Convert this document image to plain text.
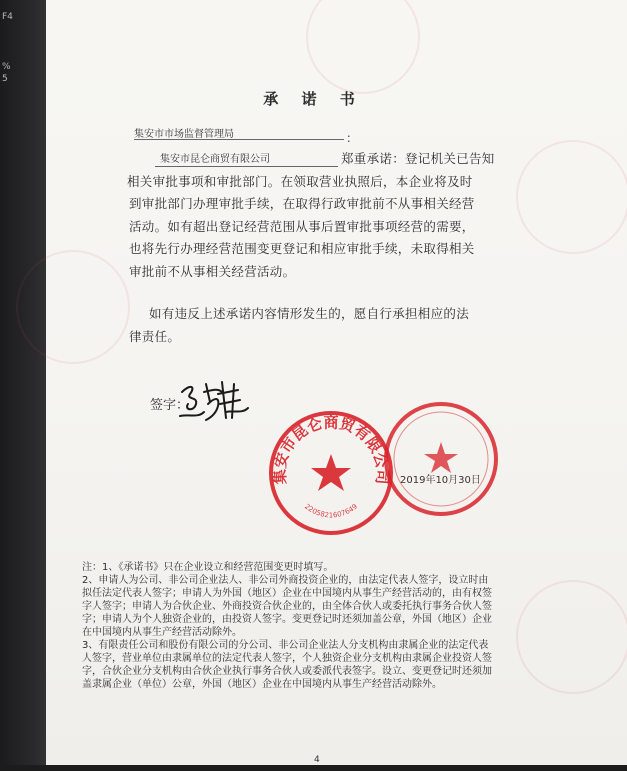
F4
%
5
承 诺 书
集安市市场监督管理局	：
集安市昆仑商贸有限公司	郑重承诺：登记机关已告知
相关审批事项和审批部门。在领取营业执照后，本企业将及时
到审批部门办理审批手续，在取得行政审批前不从事相关经营
活动。如有超出登记经营范围从事后置审批事项经营的需要，
也将先行办理经营范围变更登记和相应审批手续，未取得相关
审批前不从事相关经营活动。
如有违反上述承诺内容情形发生的，愿自行承担相应的法
律责任。
签字：
集安市昆仑商贸有限公司
2205821607649
2019年10月30日

注：1、《承诺书》只在企业设立和经营范围变更时填写。

2、申请人为公司、非公司企业法人、非公司外商投资企业的，由法定代表人签字，设立时由

拟任法定代表人签字；申请人为外国（地区）企业在中国境内从事生产经营活动的，由有权签

字人签字；申请人为合伙企业、外商投资合伙企业的，由全体合伙人或委托执行事务合伙人签

字；申请人为个人独资企业的，由投资人签字。变更登记时还须加盖公章，外国（地区）企业

在中国境内从事生产经营活动除外。

3、有限责任公司和股份有限公司的分公司、非公司企业法人分支机构由隶属企业的法定代表

人签字，营业单位由隶属单位的法定代表人签字，个人独资企业分支机构由隶属企业投资人签

字，合伙企业分支机构由合伙企业执行事务合伙人或委派代表签字。设立、变更登记时还须加

盖隶属企业（单位）公章，外国（地区）企业在中国境内从事生产经营活动除外。

4
